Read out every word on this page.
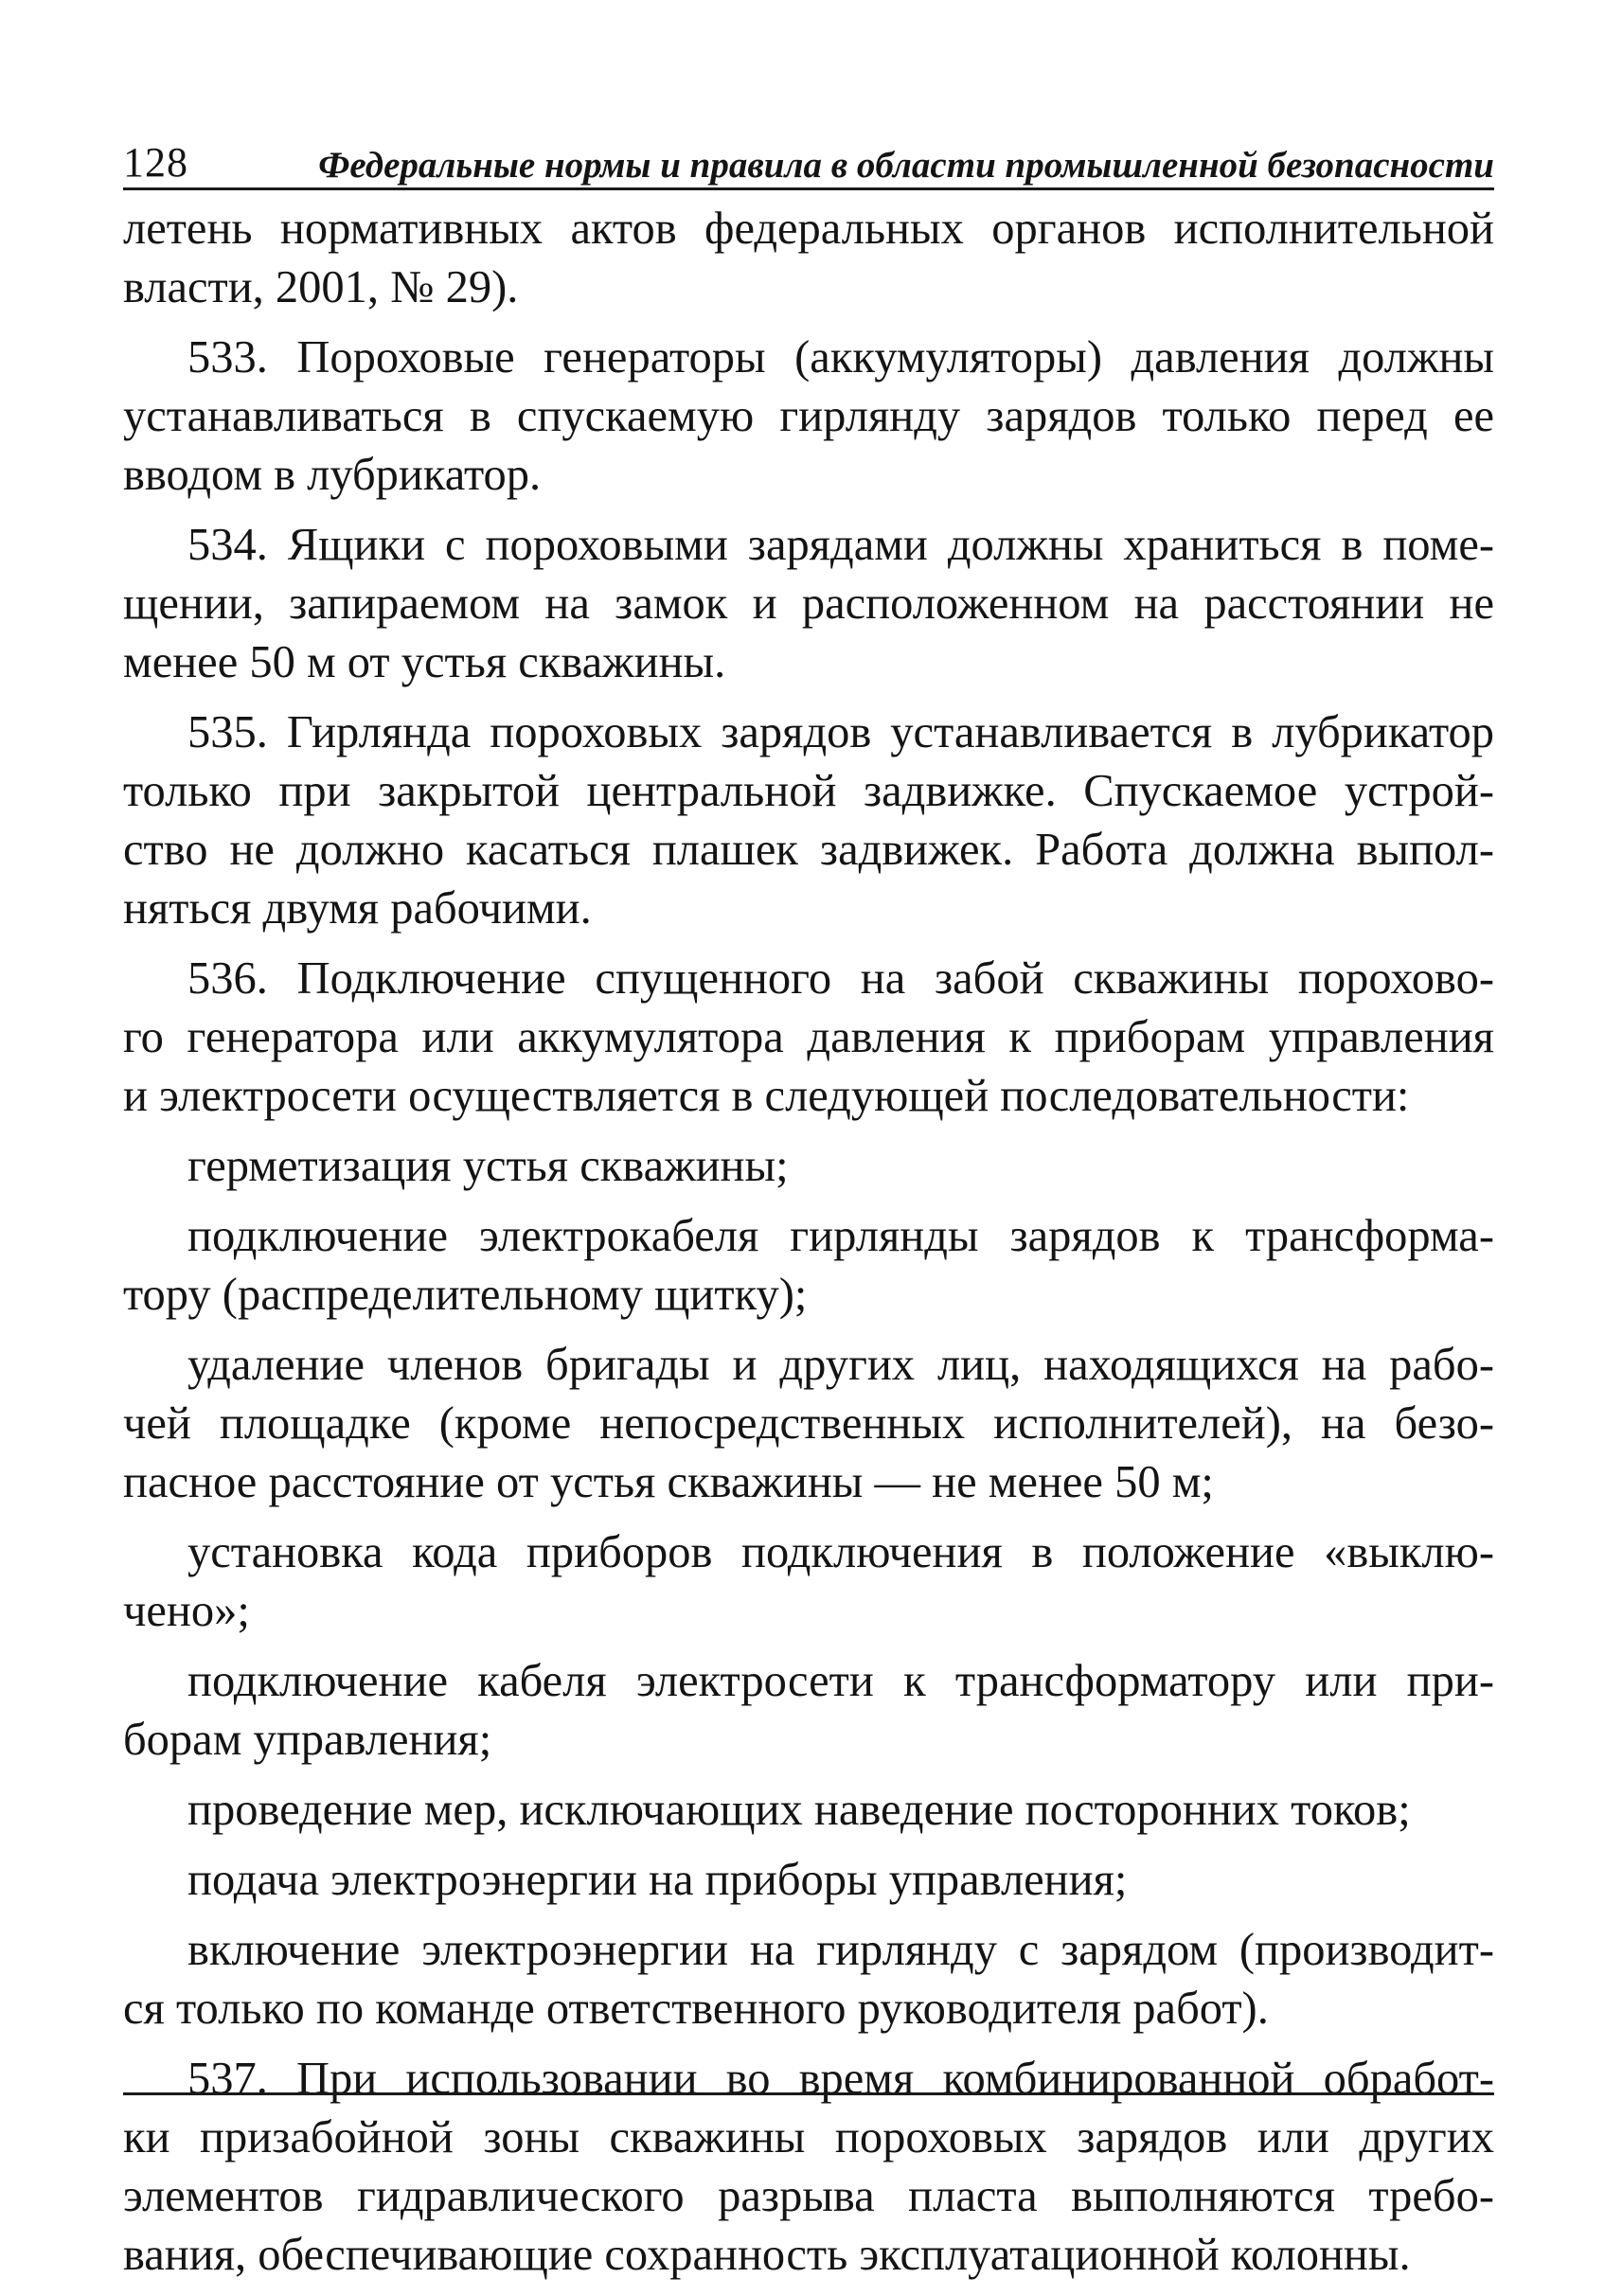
128	Федеральные нормы и правила в области промышленной безопасности
летень нормативных актов федеральных органов исполнительной
власти, 2001, № 29).
533. Пороховые генераторы (аккумуляторы) давления должны
устанавливаться в спускаемую гирлянду зарядов только перед ее
вводом в лубрикатор.
534. Ящики с пороховыми зарядами должны храниться в поме-
щении, запираемом на замок и расположенном на расстоянии не
менее 50 м от устья скважины.
535. Гирлянда пороховых зарядов устанавливается в лубрикатор
только при закрытой центральной задвижке. Спускаемое устрой-
ство не должно касаться плашек задвижек. Работа должна выпол-
няться двумя рабочими.
536. Подключение спущенного на забой скважины порохово-
го генератора или аккумулятора давления к приборам управления
и электросети осуществляется в следующей последовательности:
герметизация устья скважины;
подключение электрокабеля гирлянды зарядов к трансформа-
тору (распределительному щитку);
удаление членов бригады и других лиц, находящихся на рабо-
чей площадке (кроме непосредственных исполнителей), на безо-
пасное расстояние от устья скважины — не менее 50 м;
установка кода приборов подключения в положение «выклю-
чено»;
подключение кабеля электросети к трансформатору или при-
борам управления;
проведение мер, исключающих наведение посторонних токов;
подача электроэнергии на приборы управления;
включение электроэнергии на гирлянду с зарядом (производит-
ся только по команде ответственного руководителя работ).
537. При использовании во время комбинированной обработ-
ки призабойной зоны скважины пороховых зарядов или других
элементов гидравлического разрыва пласта выполняются требо-
вания, обеспечивающие сохранность эксплуатационной колонны.
